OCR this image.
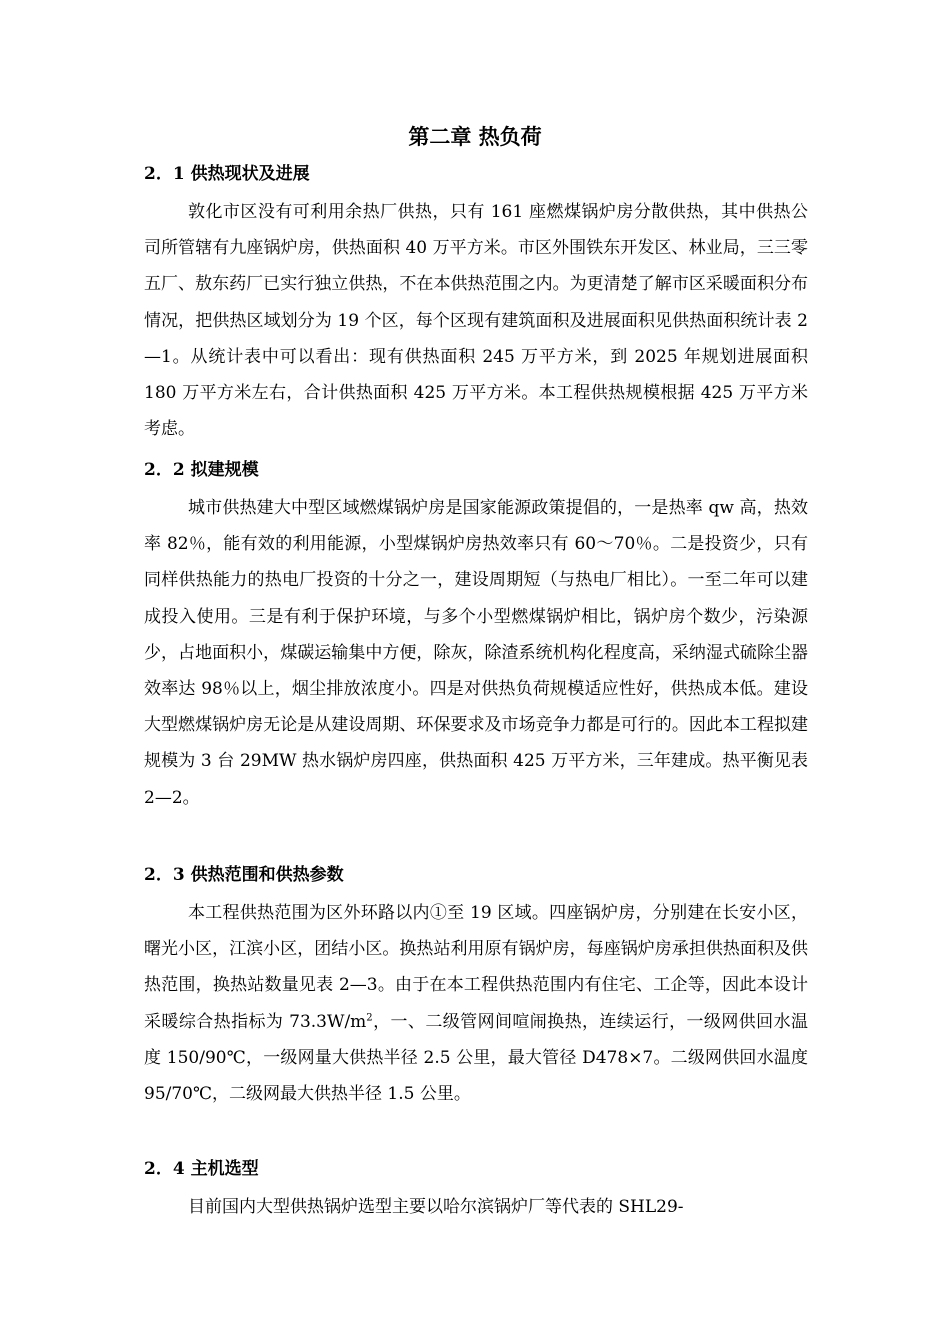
第二章 热负荷
2．1 供热现状及进展

敦化市区没有可利用余热厂供热，只有 161 座燃煤锅炉房分散供热，其中供热公司所管辖有九座锅炉房，供热面积 40 万平方米。市区外围铁东开发区、林业局，三三零五厂、敖东药厂已实行独立供热，不在本供热范围之内。为更清楚了解市区采暖面积分布情况，把供热区域划分为 19 个区，每个区现有建筑面积及进展面积见供热面积统计表 2—1。从统计表中可以看出：现有供热面积 245 万平方米，到 2025 年规划进展面积 180 万平方米左右，合计供热面积 425 万平方米。本工程供热规模根据 425 万平方米考虑。

2．2 拟建规模

城市供热建大中型区域燃煤锅炉房是国家能源政策提倡的，一是热率 qw 高，热效率 82％，能有效的利用能源，小型煤锅炉房热效率只有 60～70％。二是投资少，只有同样供热能力的热电厂投资的十分之一，建设周期短（与热电厂相比）。一至二年可以建成投入使用。三是有利于保护环境，与多个小型燃煤锅炉相比，锅炉房个数少，污染源少，占地面积小，煤碳运输集中方便，除灰，除渣系统机构化程度高，采纳湿式硫除尘器效率达 98％以上，烟尘排放浓度小。四是对供热负荷规模适应性好，供热成本低。建设大型燃煤锅炉房无论是从建设周期、环保要求及市场竞争力都是可行的。因此本工程拟建规模为 3 台 29MW 热水锅炉房四座，供热面积 425 万平方米，三年建成。热平衡见表 2—2。

2．3 供热范围和供热参数

本工程供热范围为区外环路以内①至 19 区域。四座锅炉房，分别建在长安小区，曙光小区，江滨小区，团结小区。换热站利用原有锅炉房，每座锅炉房承担供热面积及供热范围，换热站数量见表 2—3。由于在本工程供热范围内有住宅、工企等，因此本设计采暖综合热指标为 $73.3W/m^2$，一、二级管网间喧闹换热，连续运行，一级网供回水温度 150/90℃，一级网量大供热半径 2.5 公里，最大管径 D478×7。二级网供回水温度 95/70℃，二级网最大供热半径 1.5 公里。

2．4 主机选型

目前国内大型供热锅炉选型主要以哈尔滨锅炉厂等代表的 SHL29-
